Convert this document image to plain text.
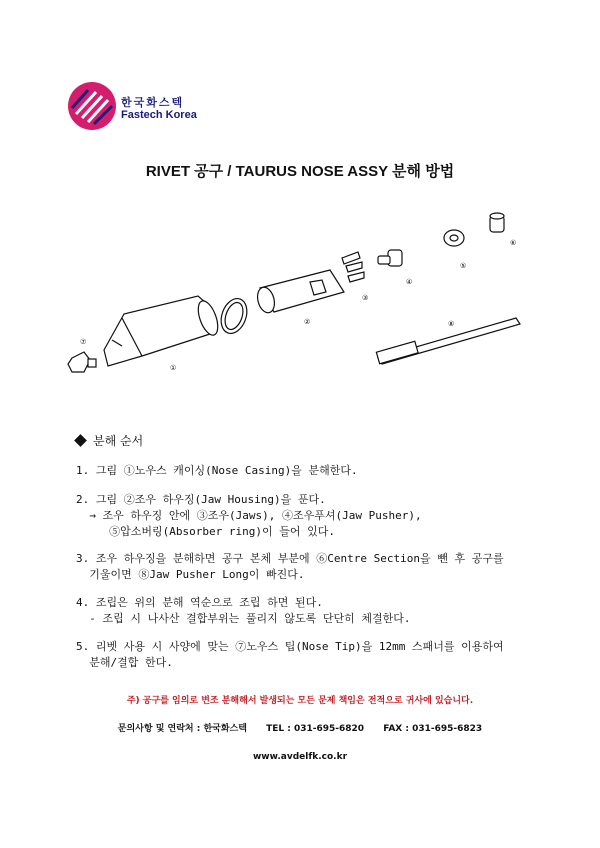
한국화스텍
Fastech Korea
RIVET 공구 / TAURUS NOSE ASSY 분해 방법
⑦
①
②
③
④
⑤
⑥
⑧
분해 순서
1. 그림 ①노우스 캐이싱(Nose Casing)을 분해한다.
2. 그림 ②조우 하우징(Jaw Housing)을 푼다.
→ 조우 하우징 안에 ③조우(Jaws), ④조우푸셔(Jaw Pusher),
⑤압소버링(Absorber ring)이 들어 있다.
3. 조우 하우징을 분해하면 공구 본체 부분에 ⑥Centre Section을 뺀 후 공구를
기울이면 ⑧Jaw Pusher Long이 빠진다.
4. 조립은 위의 분해 역순으로 조립 하면 된다.
- 조립 시 나사산 결합부위는 풀리지 않도록 단단히 체결한다.
5. 리벳 사용 시 사양에 맞는 ⑦노우스 팁(Nose Tip)을 12mm 스패너를 이용하여
분해/결합 한다.
주) 공구를 임의로 변조 분해해서 발생되는 모든 문제 책임은 전적으로 귀사에 있습니다.
문의사항 및 연락처 : 한국화스텍 TEL : 031-695-6820 FAX : 031-695-6823
www.avdelfk.co.kr
